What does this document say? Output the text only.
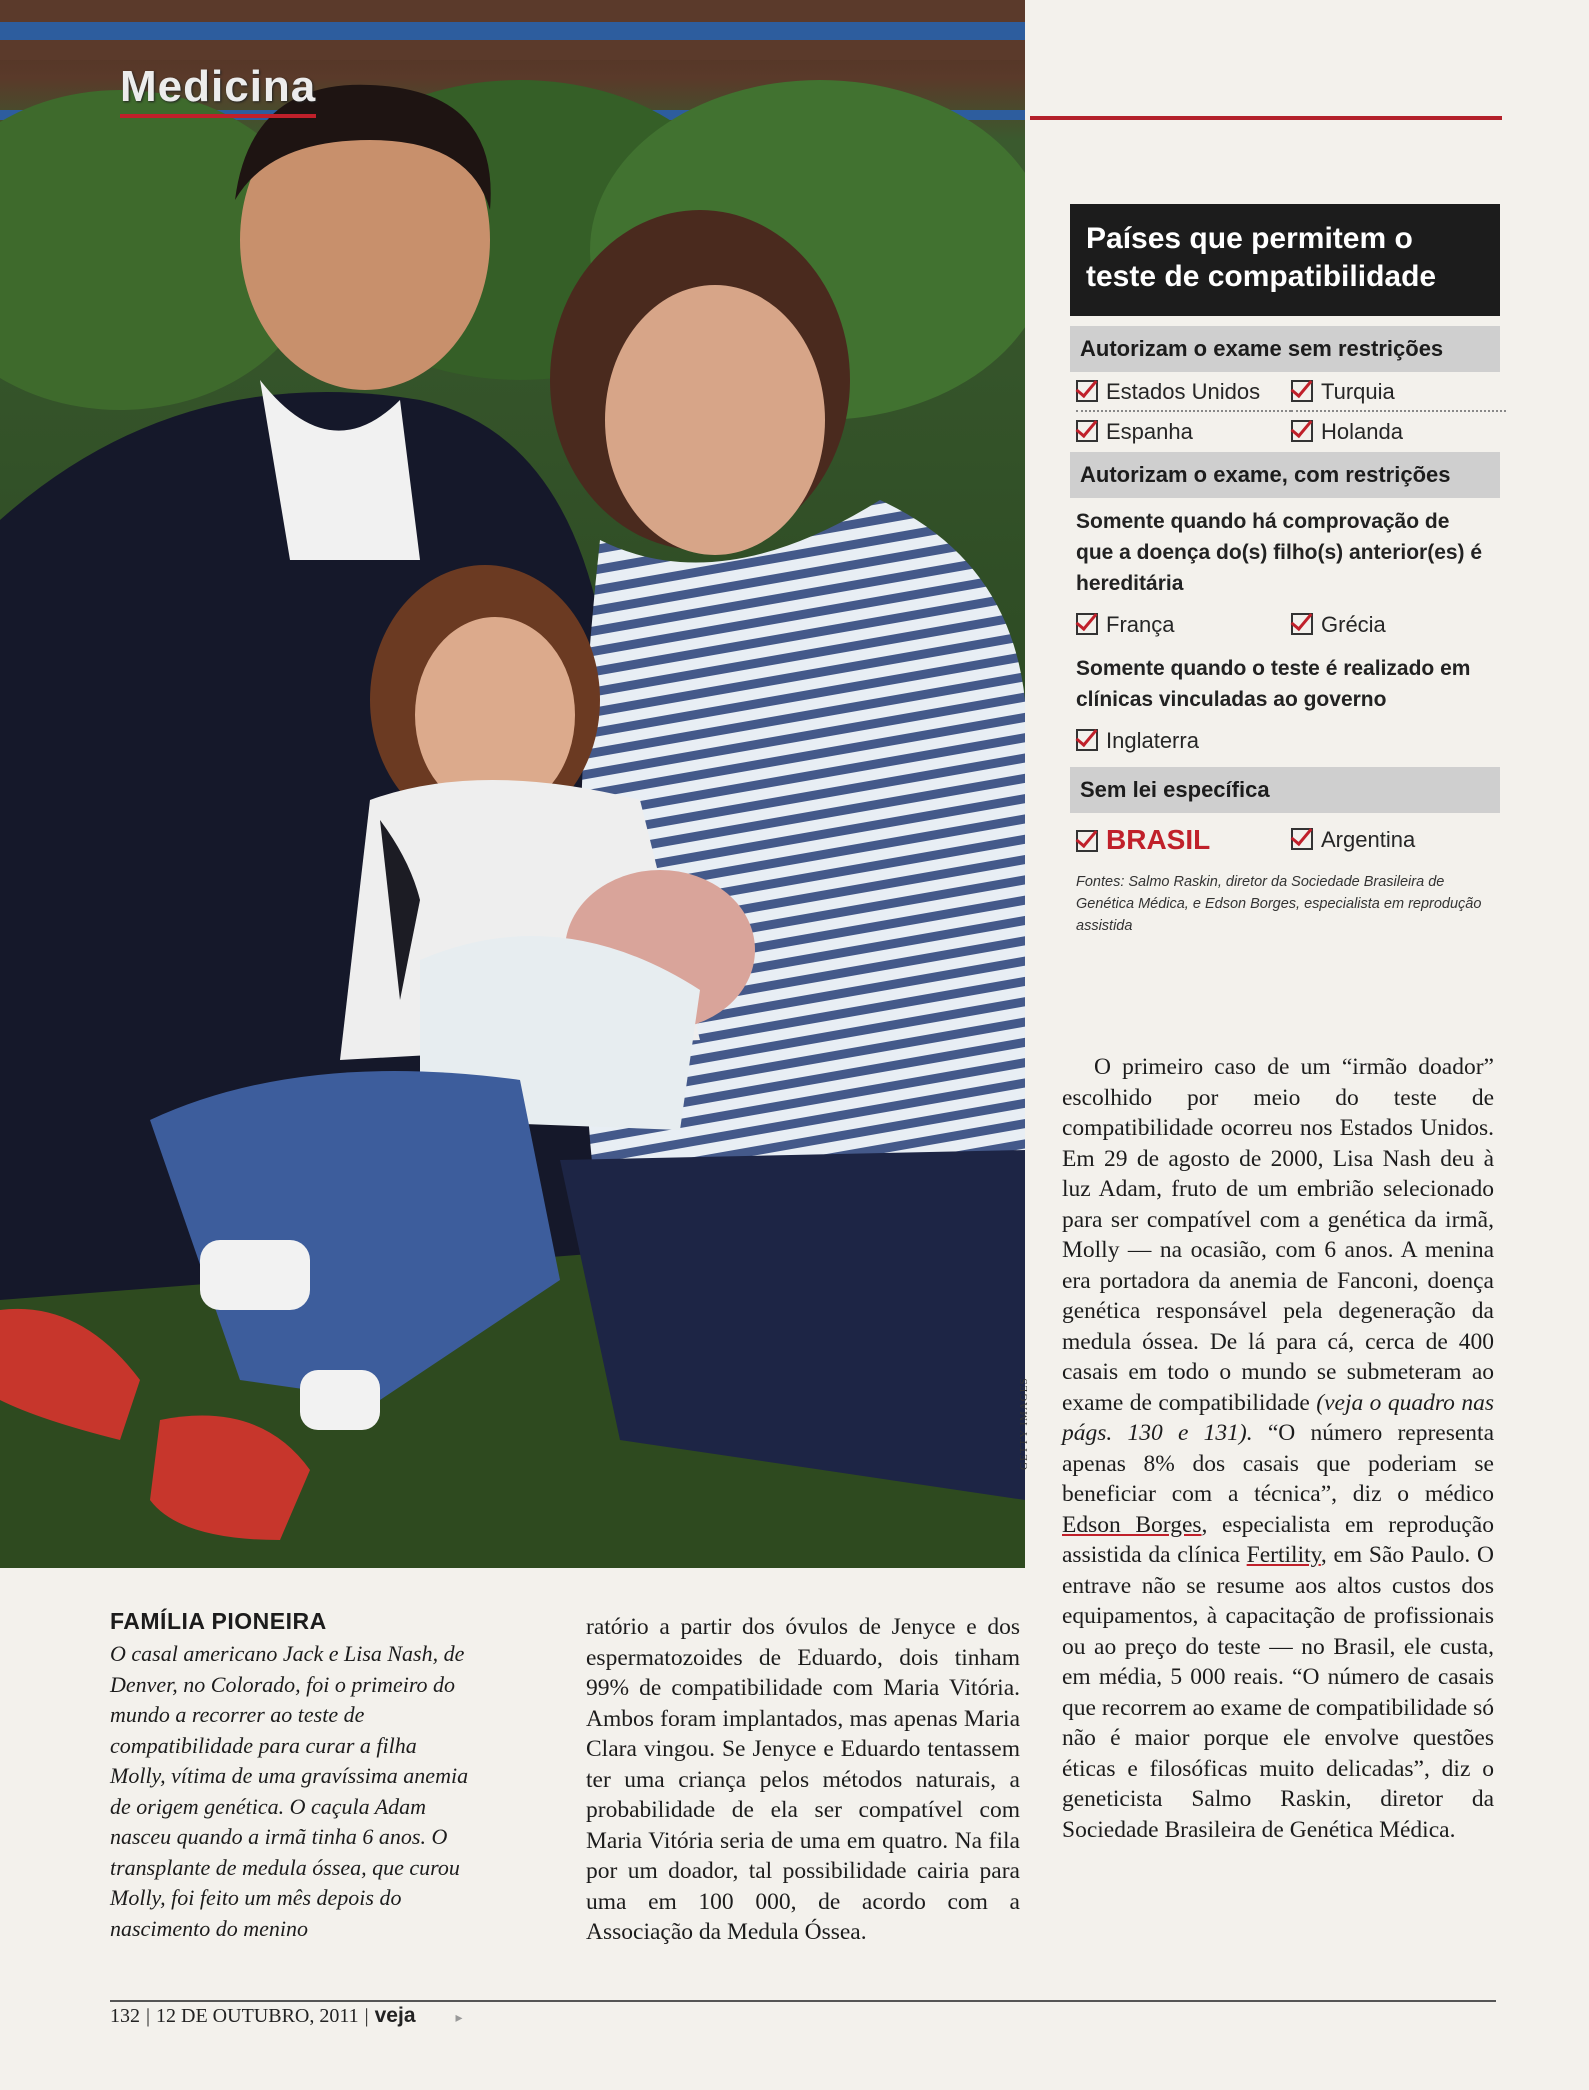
Medicina
GETTY IMAGES
Países que permitem o
teste de compatibilidade
Autorizam o exame sem restrições
Estados Unidos	Turquia
Espanha	Holanda
Autorizam o exame, com restrições
Somente quando há comprovação de que a doença do(s) filho(s) anterior(es) é hereditária
França	Grécia
Somente quando o teste é realizado em clínicas vinculadas ao governo
Inglaterra
Sem lei específica
BRASIL	Argentina
Fontes: Salmo Raskin, diretor da Sociedade Brasileira de Genética Médica, e Edson Borges, especialista em reprodução assistida

O primeiro caso de um “irmão doador” escolhido por meio do teste de compatibilidade ocorreu nos Estados Unidos. Em 29 de agosto de 2000, Lisa Nash deu à luz Adam, fruto de um embrião selecionado para ser compatível com a genética da irmã, Molly — na ocasião, com 6 anos. A menina era portadora da anemia de Fanconi, doença genética responsável pela degeneração da medula óssea. De lá para cá, cerca de 400 casais em todo o mundo se submeteram ao exame de compatibilidade (veja o quadro nas págs. 130 e 131). “O número representa apenas 8% dos casais que poderiam se beneficiar com a técnica”, diz o médico Edson Borges, especialista em reprodução assistida da clínica Fertility, em São Paulo. O entrave não se resume aos altos custos dos equipamentos, à capacitação de profissionais ou ao preço do teste — no Brasil, ele custa, em média, 5 000 reais. “O número de casais que recorrem ao exame de compatibilidade só não é maior porque ele envolve questões éticas e filosóficas muito delicadas”, diz o geneticista Salmo Raskin, diretor da Sociedade Brasileira de Genética Médica.

FAMÍLIA PIONEIRA
O casal americano Jack e Lisa Nash, de Denver, no Colorado, foi o primeiro do mundo a recorrer ao teste de compatibilidade para curar a filha Molly, vítima de uma gravíssima anemia de origem genética. O caçula Adam nasceu quando a irmã tinha 6 anos. O transplante de medula óssea, que curou Molly, foi feito um mês depois do nascimento do menino
ratório a partir dos óvulos de Jenyce e dos espermatozoides de Eduardo, dois tinham 99% de compatibilidade com Maria Vitória. Ambos foram implantados, mas apenas Maria Clara vingou. Se Jenyce e Eduardo tentassem ter uma criança pelos métodos naturais, a probabilidade de ela ser compatível com Maria Vitória seria de uma em quatro. Na fila por um doador, tal possibilidade cairia para uma em 100 000, de acordo com a Associação da Medula Óssea.
132 | 12 DE OUTUBRO, 2011 | veja	▸
